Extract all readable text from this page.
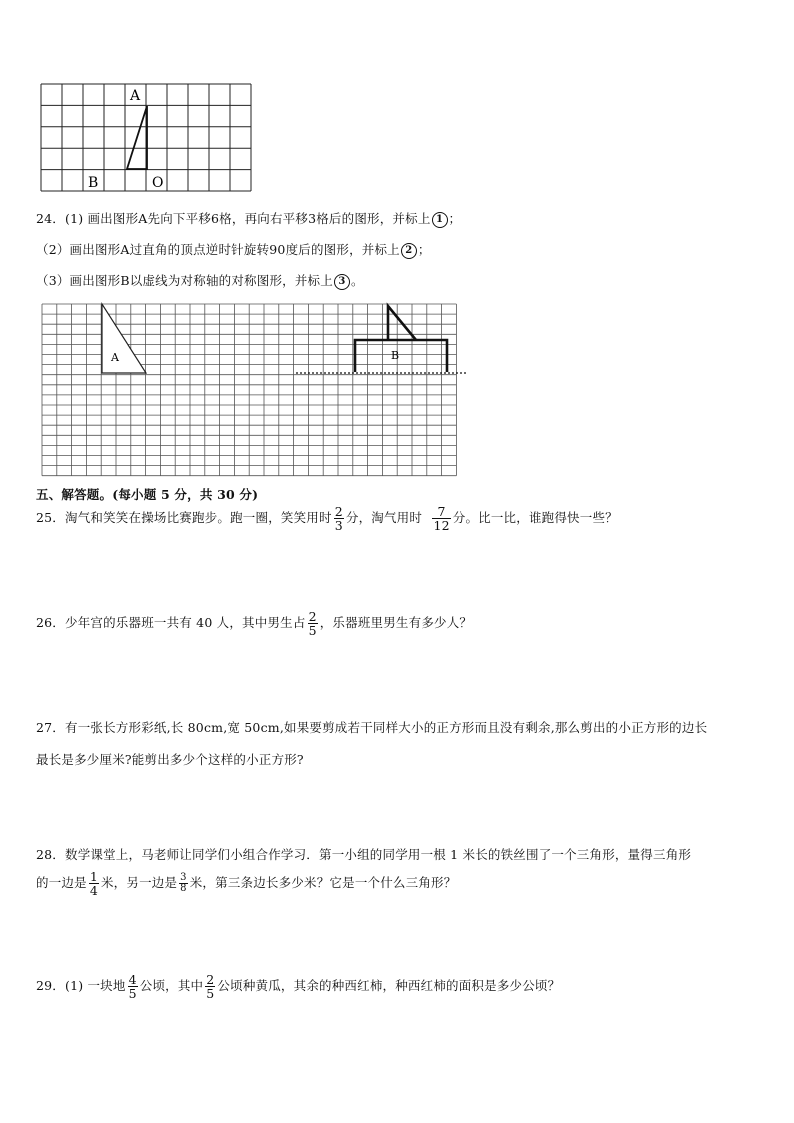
A
B	O
24．(1) 画出图形A先向下平移6格，再向右平移3格后的图形，并标上 1 ；
（2）画出图形A过直角的顶点逆时针旋转90度后的图形，并标上 2 ；
（3）画出图形B以虚线为对称轴的对称图形，并标上 3 。
A	B
五、解答题。(每小题 5 分，共 30 分)
25．淘气和笑笑在操场比赛跑步。跑一圈，笑笑用时 $\frac{2}{3}$ 分，淘气用时 $\frac{7}{12}$ 分。比一比，谁跑得快一些？
26．少年宫的乐器班一共有 40 人，其中男生占 $\frac{2}{5}$ ，乐器班里男生有多少人？
27．有一张长方形彩纸,长 80cm,宽 50cm,如果要剪成若干同样大小的正方形而且没有剩余,那么剪出的小正方形的边长
最长是多少厘米?能剪出多少个这样的小正方形?
28．数学课堂上，马老师让同学们小组合作学习．第一小组的同学用一根 1 米长的铁丝围了一个三角形，量得三角形
的一边是 $\frac{1}{4}$ 米，另一边是 $\frac{3}{8}$ 米，第三条边长多少米？它是一个什么三角形？
29．(1) 一块地 $\frac{4}{5}$ 公顷，其中 $\frac{2}{5}$ 公顷种黄瓜，其余的种西红柿，种西红柿的面积是多少公顷？
